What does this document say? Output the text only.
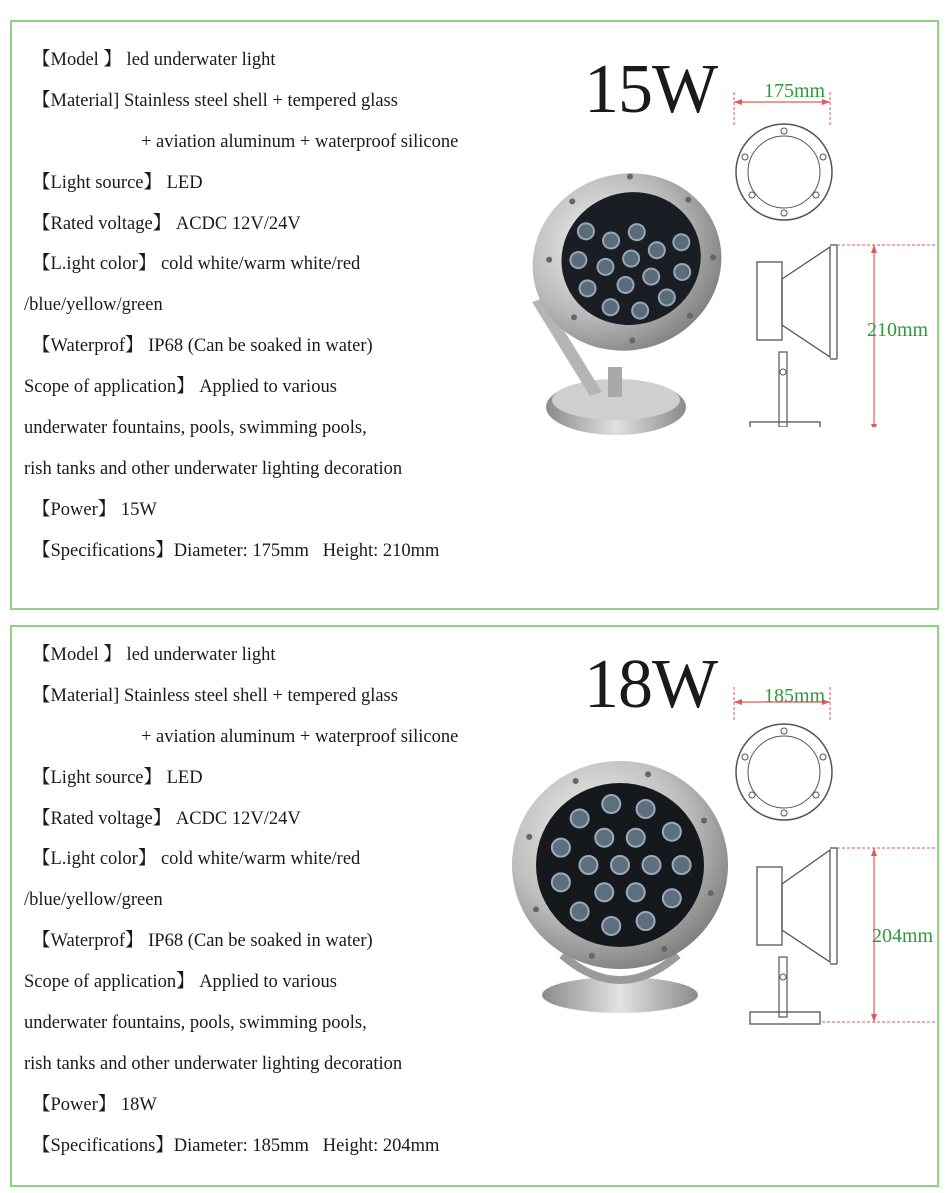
【Model 】 led underwater light
【Material] Stainless steel shell + tempered glass
+ aviation aluminum + waterproof silicone
【Light source】 LED
【Rated voltage】 ACDC 12V/24V
【L.ight color】 cold white/warm white/red
/blue/yellow/green
【Waterprof】 IP68 (Can be soaked in water)
Scope of application】 Applied to various
underwater fountains, pools, swimming pools,
rish tanks and other underwater lighting decoration
【Power】 15W
【Specifications】Diameter: 175mm   Height: 210mm
15W 175mm
210mm
【Model 】 led underwater light
【Material] Stainless steel shell + tempered glass
+ aviation aluminum + waterproof silicone
【Light source】 LED
【Rated voltage】 ACDC 12V/24V
【L.ight color】 cold white/warm white/red
/blue/yellow/green
【Waterprof】 IP68 (Can be soaked in water)
Scope of application】 Applied to various
underwater fountains, pools, swimming pools,
rish tanks and other underwater lighting decoration
【Power】 18W
【Specifications】Diameter: 185mm   Height: 204mm
18W 185mm
204mm
